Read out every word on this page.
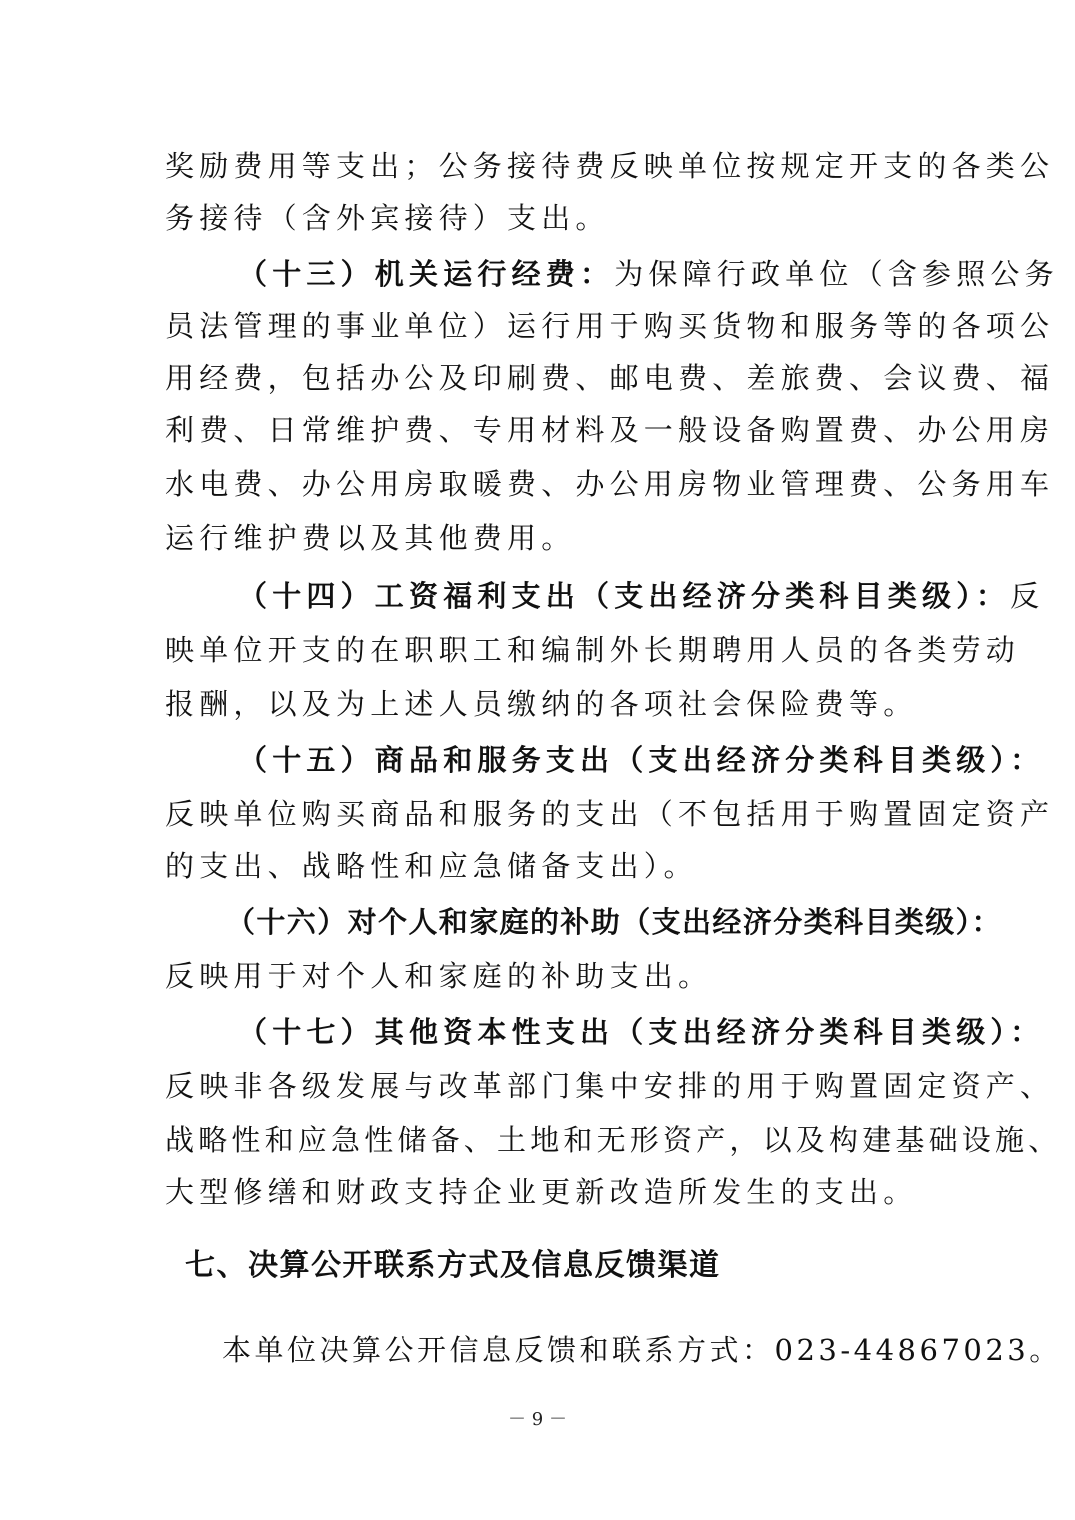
奖励费用等支出；公务接待费反映单位按规定开支的各类公
务接待（含外宾接待）支出。
（十三）机关运行经费：为保障行政单位（含参照公务
员法管理的事业单位）运行用于购买货物和服务等的各项公
用经费，包括办公及印刷费、邮电费、差旅费、会议费、福
利费、日常维护费、专用材料及一般设备购置费、办公用房
水电费、办公用房取暖费、办公用房物业管理费、公务用车
运行维护费以及其他费用。
（十四）工资福利支出（支出经济分类科目类级）：反
映单位开支的在职职工和编制外长期聘用人员的各类劳动
报酬，以及为上述人员缴纳的各项社会保险费等。
（十五）商品和服务支出（支出经济分类科目类级）：
反映单位购买商品和服务的支出（不包括用于购置固定资产
的支出、战略性和应急储备支出）。
（十六）对个人和家庭的补助（支出经济分类科目类级）：
反映用于对个人和家庭的补助支出。
（十七）其他资本性支出（支出经济分类科目类级）：
反映非各级发展与改革部门集中安排的用于购置固定资产、
战略性和应急性储备、土地和无形资产，以及构建基础设施、
大型修缮和财政支持企业更新改造所发生的支出。
七、决算公开联系方式及信息反馈渠道
本单位决算公开信息反馈和联系方式：023-44867023。
－ 9 －
